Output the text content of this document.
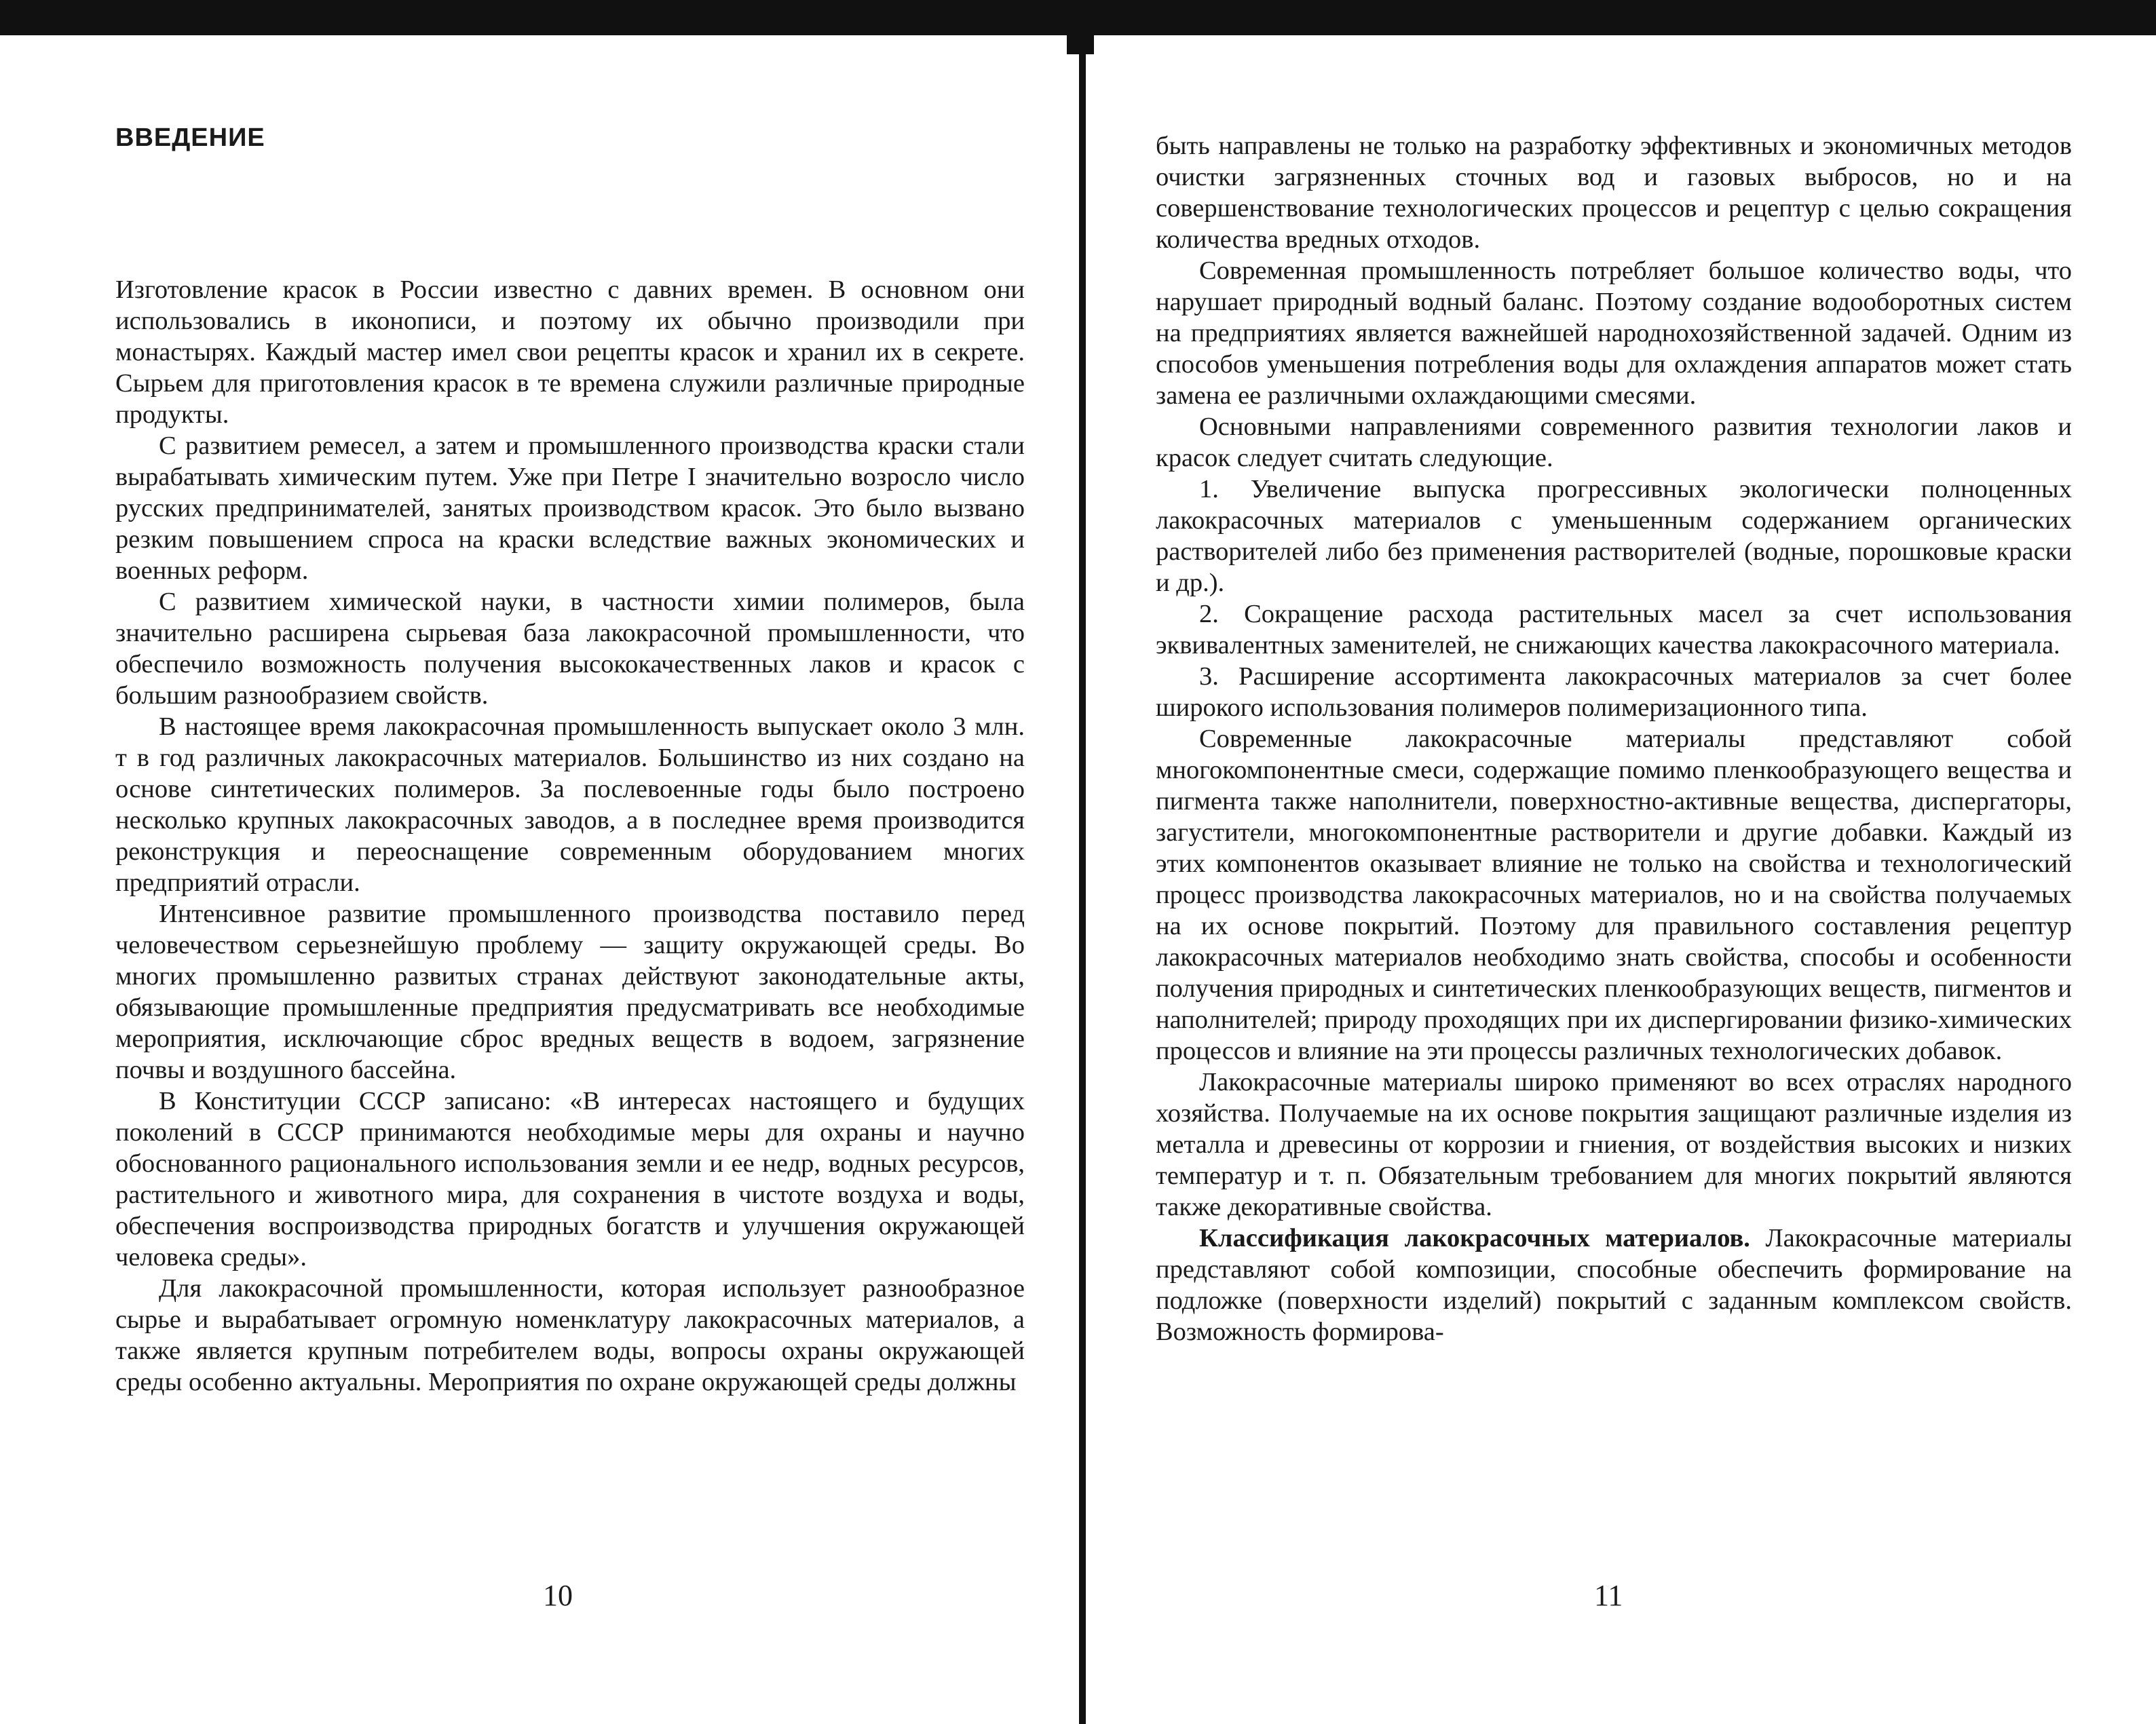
ВВЕДЕНИЕ

Изготовление красок в России известно с давних времен. В основном они использовались в иконописи, и поэтому их обычно производили при монастырях. Каждый мастер имел свои рецепты красок и хранил их в секрете. Сырьем для приготовления красок в те времена служили различные природные продукты.

С развитием ремесел, а затем и промышленного производства краски стали вырабатывать химическим путем. Уже при Петре I значительно возросло число русских предпринимателей, занятых производством красок. Это было вызвано резким повышением спроса на краски вследствие важных экономических и военных реформ.

С развитием химической науки, в частности химии полимеров, была значительно расширена сырьевая база лакокрасочной промышленности, что обеспечило возможность получения высококачественных лаков и красок с большим разнообразием свойств.

В настоящее время лакокрасочная промышленность выпускает около 3 млн. т в год различных лакокрасочных материалов. Большинство из них создано на основе синтетических полимеров. За послевоенные годы было построено несколько крупных лакокрасочных заводов, а в последнее время производится реконструкция и переоснащение современным оборудованием многих предприятий отрасли.

Интенсивное развитие промышленного производства поставило перед человечеством серьезнейшую проблему — защиту окружающей среды. Во многих промышленно развитых странах действуют законодательные акты, обязывающие промышленные предприятия предусматривать все необходимые мероприятия, исключающие сброс вредных веществ в водоем, загрязнение почвы и воздушного бассейна.

В Конституции СССР записано: «В интересах настоящего и будущих поколений в СССР принимаются необходимые меры для охраны и научно обоснованного рационального использования земли и ее недр, водных ресурсов, растительного и животного мира, для сохранения в чистоте воздуха и воды, обеспечения воспроизводства природных богатств и улучшения окружающей человека среды».

Для лакокрасочной промышленности, которая использует разнообразное сырье и вырабатывает огромную номенклатуру лакокрасочных материалов, а также является крупным потребителем воды, вопросы охраны окружающей среды особенно актуальны. Мероприятия по охране окружающей среды должны

10

быть направлены не только на разработку эффективных и экономичных методов очистки загрязненных сточных вод и газовых выбросов, но и на совершенствование технологических процессов и рецептур с целью сокращения количества вредных отходов.

Современная промышленность потребляет большое количество воды, что нарушает природный водный баланс. Поэтому создание водооборотных систем на предприятиях является важнейшей народнохозяйственной задачей. Одним из способов уменьшения потребления воды для охлаждения аппаратов может стать замена ее различными охлаждающими смесями.

Основными направлениями современного развития технологии лаков и красок следует считать следующие.

1. Увеличение выпуска прогрессивных экологически полноценных лакокрасочных материалов с уменьшенным содержанием органических растворителей либо без применения растворителей (водные, порошковые краски и др.).

2. Сокращение расхода растительных масел за счет использования эквивалентных заменителей, не снижающих качества лакокрасочного материала.

3. Расширение ассортимента лакокрасочных материалов за счет более широкого использования полимеров полимеризационного типа.

Современные лакокрасочные материалы представляют собой многокомпонентные смеси, содержащие помимо пленкообразующего вещества и пигмента также наполнители, поверхностно-активные вещества, диспергаторы, загустители, многокомпонентные растворители и другие добавки. Каждый из этих компонентов оказывает влияние не только на свойства и технологический процесс производства лакокрасочных материалов, но и на свойства получаемых на их основе покрытий. Поэтому для правильного составления рецептур лакокрасочных материалов необходимо знать свойства, способы и особенности получения природных и синтетических пленкообразующих веществ, пигментов и наполнителей; природу проходящих при их диспергировании физико-химических процессов и влияние на эти процессы различных технологических добавок.

Лакокрасочные материалы широко применяют во всех отраслях народного хозяйства. Получаемые на их основе покрытия защищают различные изделия из металла и древесины от коррозии и гниения, от воздействия высоких и низких температур и т. п. Обязательным требованием для многих покрытий являются также декоративные свойства.

Классификация лакокрасочных материалов. Лакокрасочные материалы представляют собой композиции, способные обеспечить формирование на подложке (поверхности изделий) покрытий с заданным комплексом свойств. Возможность формирова-

11
